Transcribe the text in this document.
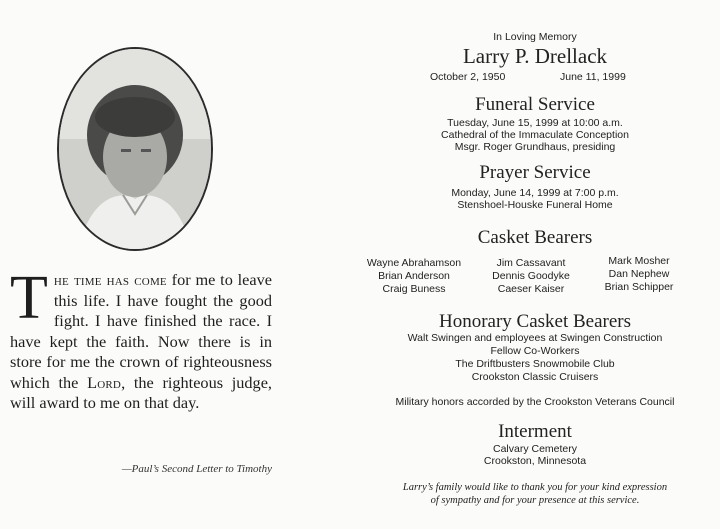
The time has come for me to leave this life. I have fought the good fight. I have finished the race. I have kept the faith. Now there is in store for me the crown of righteousness which the Lord, the righteous judge, will award to me on that day.
—Paul’s Second Letter to Timothy
In Loving Memory
Larry P. Drellack
October 2, 1950	June 11, 1999
Funeral Service
Tuesday, June 15, 1999 at 10:00 a.m.
Cathedral of the Immaculate Conception
Msgr. Roger Grundhaus, presiding
Prayer Service
Monday, June 14, 1999 at 7:00 p.m.
Stenshoel-Houske Funeral Home
Casket Bearers
Wayne Abrahamson
Brian Anderson
Craig Buness
Jim Cassavant
Dennis Goodyke
Caeser Kaiser
Mark Mosher
Dan Nephew
Brian Schipper
Honorary Casket Bearers
Walt Swingen and employees at Swingen Construction
Fellow Co-Workers
The Driftbusters Snowmobile Club
Crookston Classic Cruisers
Military honors accorded by the Crookston Veterans Council
Interment
Calvary Cemetery
Crookston, Minnesota
Larry’s family would like to thank you for your kind expression
of sympathy and for your presence at this service.
